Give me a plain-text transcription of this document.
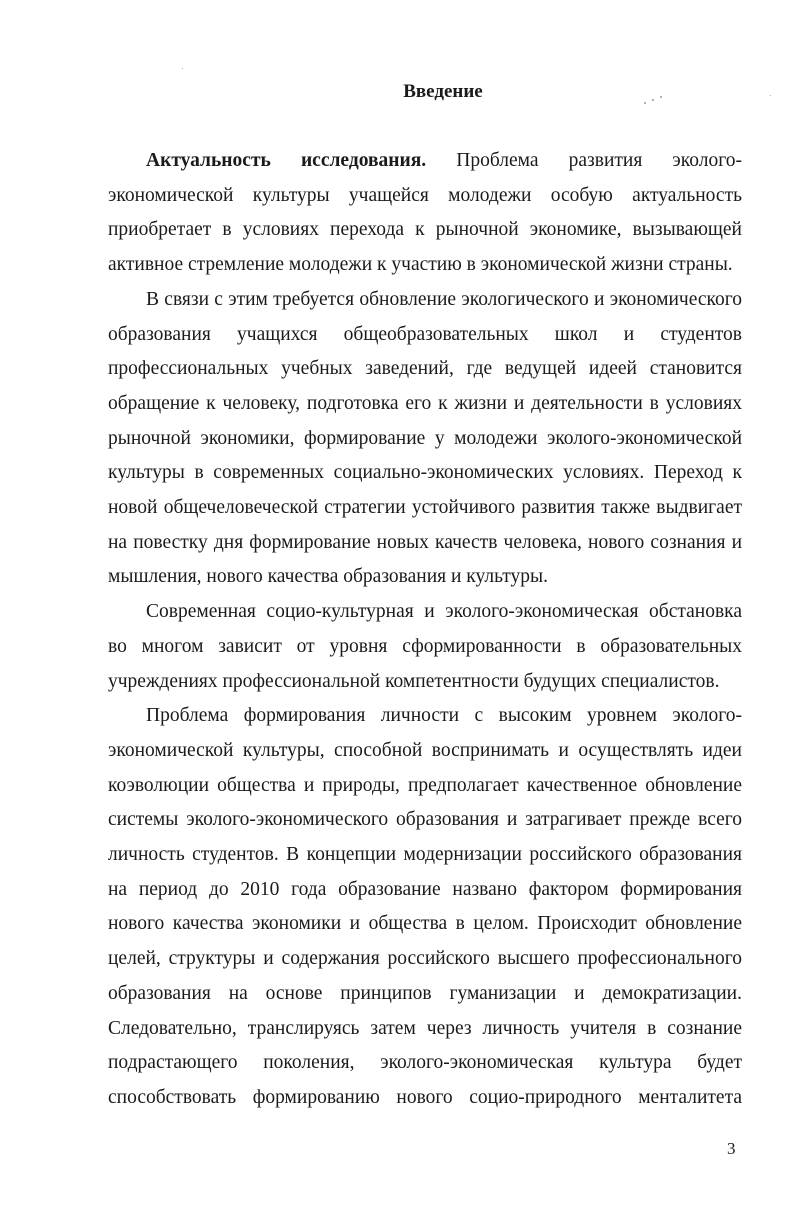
Введение

Актуальность исследования. Проблема развития эколого-экономической культуры учащейся молодежи особую актуальность приобретает в условиях перехода к рыночной экономике, вызывающей активное стремление молодежи к участию в экономической жизни страны.

В связи с этим требуется обновление экологического и экономического образования учащихся общеобразовательных школ и студентов профессиональных учебных заведений, где ведущей идеей становится обращение к человеку, подготовка его к жизни и деятельности в условиях рыночной экономики, формирование у молодежи эколого-экономической культуры в современных социально-экономических условиях. Переход к новой общечеловеческой стратегии устойчивого развития также выдвигает на повестку дня формирование новых качеств человека, нового сознания и мышления, нового качества образования и культуры.

Современная социо-культурная и эколого-экономическая обстановка во многом зависит от уровня сформированности в образовательных учреждениях профессиональной компетентности будущих специалистов.

Проблема формирования личности с высоким уровнем эколого-экономической культуры, способной воспринимать и осуществлять идеи коэволюции общества и природы, предполагает качественное обновление системы эколого-экономического образования и затрагивает прежде всего личность студентов. В концепции модернизации российского образования на период до 2010 года образование названо фактором формирования нового качества экономики и общества в целом. Происходит обновление целей, структуры и содержания российского высшего профессионального образования на основе принципов гуманизации и демократизации. Следовательно, транслируясь затем через личность учителя в сознание подрастающего поколения, эколого-экономическая культура будет способствовать формированию нового социо-природного менталитета

3
